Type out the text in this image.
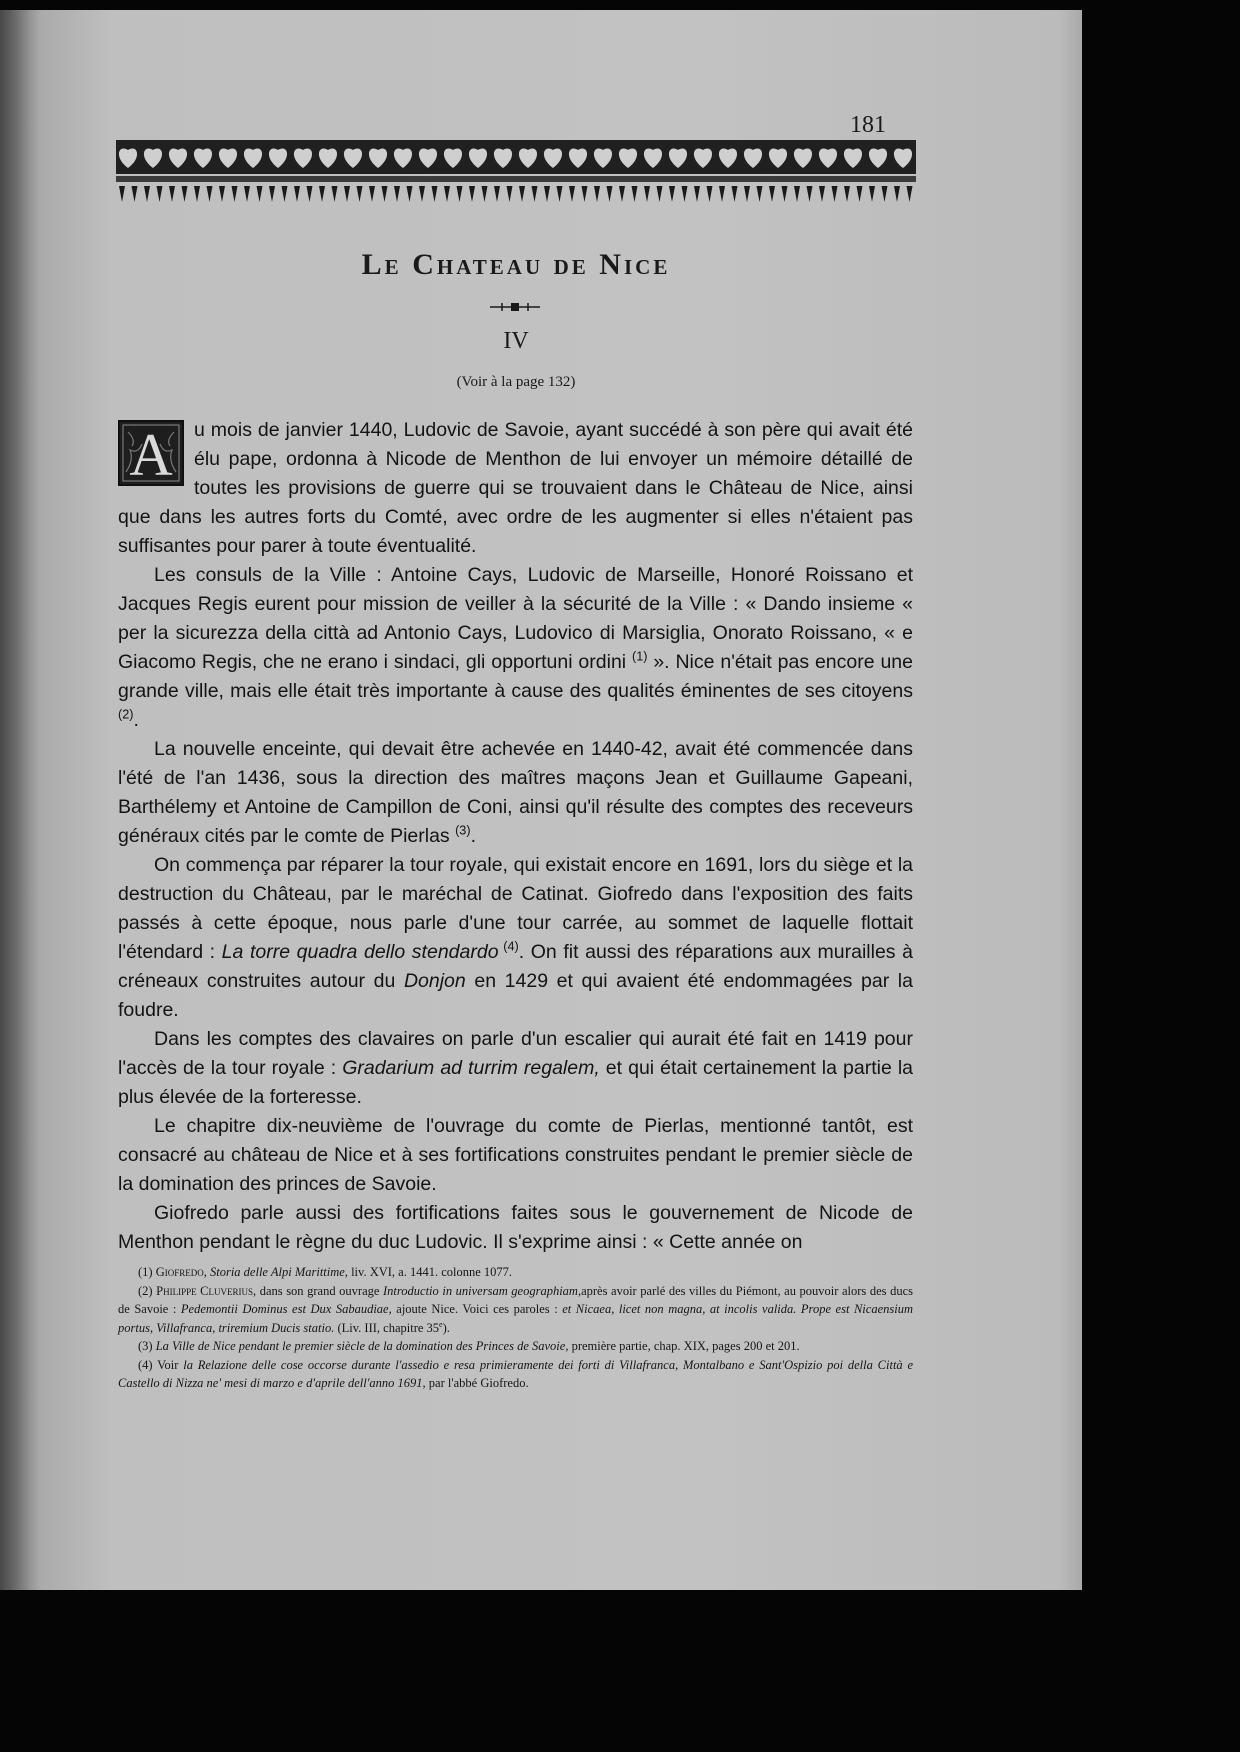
181
Le Chateau de Nice
IV
(Voir à la page 132)

A	u mois de janvier 1440, Ludovic de Savoie, ayant succédé à son père qui avait été élu pape, ordonna à Nicode de Menthon de lui envoyer un mémoire détaillé de toutes les provisions de guerre qui se trouvaient dans le Château de Nice, ainsi que dans les autres forts du Comté, avec ordre de les augmenter si elles n'étaient pas suffisantes pour parer à toute éventualité.

Les consuls de la Ville : Antoine Cays, Ludovic de Marseille, Honoré Roissano et Jacques Regis eurent pour mission de veiller à la sécurité de la Ville : « Dando insieme « per la sicurezza della città ad Antonio Cays, Ludovico di Marsiglia, Onorato Roissano, « e Giacomo Regis, che ne erano i sindaci, gli opportuni ordini $^{(1)}$ ». Nice n'était pas encore une grande ville, mais elle était très importante à cause des qualités éminentes de ses citoyens $^{(2)}$.

La nouvelle enceinte, qui devait être achevée en 1440-42, avait été commencée dans l'été de l'an 1436, sous la direction des maîtres maçons Jean et Guillaume Gapeani, Barthélemy et Antoine de Campillon de Coni, ainsi qu'il résulte des comptes des receveurs généraux cités par le comte de Pierlas $^{(3)}$.

On commença par réparer la tour royale, qui existait encore en 1691, lors du siège et la destruction du Château, par le maréchal de Catinat. Giofredo dans l'exposition des faits passés à cette époque, nous parle d'une tour carrée, au sommet de laquelle flottait l'étendard : La torre quadra dello stendardo $^{(4)}$. On fit aussi des réparations aux murailles à créneaux construites autour du Donjon en 1429 et qui avaient été endommagées par la foudre.

Dans les comptes des clavaires on parle d'un escalier qui aurait été fait en 1419 pour l'accès de la tour royale : Gradarium ad turrim regalem, et qui était certainement la partie la plus élevée de la forteresse.

Le chapitre dix-neuvième de l'ouvrage du comte de Pierlas, mentionné tantôt, est consacré au château de Nice et à ses fortifications construites pendant le premier siècle de la domination des princes de Savoie.

Giofredo parle aussi des fortifications faites sous le gouvernement de Nicode de Menthon pendant le règne du duc Ludovic. Il s'exprime ainsi : « Cette année on

(1) Giofredo, Storia delle Alpi Marittime, liv. XVI, a. 1441. colonne 1077.

(2) Philippe Cluverius, dans son grand ouvrage Introductio in universam geographiam,après avoir parlé des villes du Piémont, au pouvoir alors des ducs de Savoie : Pedemontii Dominus est Dux Sabaudiae, ajoute Nice. Voici ces paroles : et Nicaea, licet non magna, at incolis valida. Prope est Nicaensium portus, Villafranca, triremium Ducis statio. (Liv. III, chapitre 35e).

(3) La Ville de Nice pendant le premier siècle de la domination des Princes de Savoie, première partie, chap. XIX, pages 200 et 201.

(4) Voir la Relazione delle cose occorse durante l'assedio e resa primieramente dei forti di Villafranca, Montalbano e Sant'Ospizio poi della Città e Castello di Nizza ne' mesi di marzo e d'aprile dell'anno 1691, par l'abbé Giofredo.
